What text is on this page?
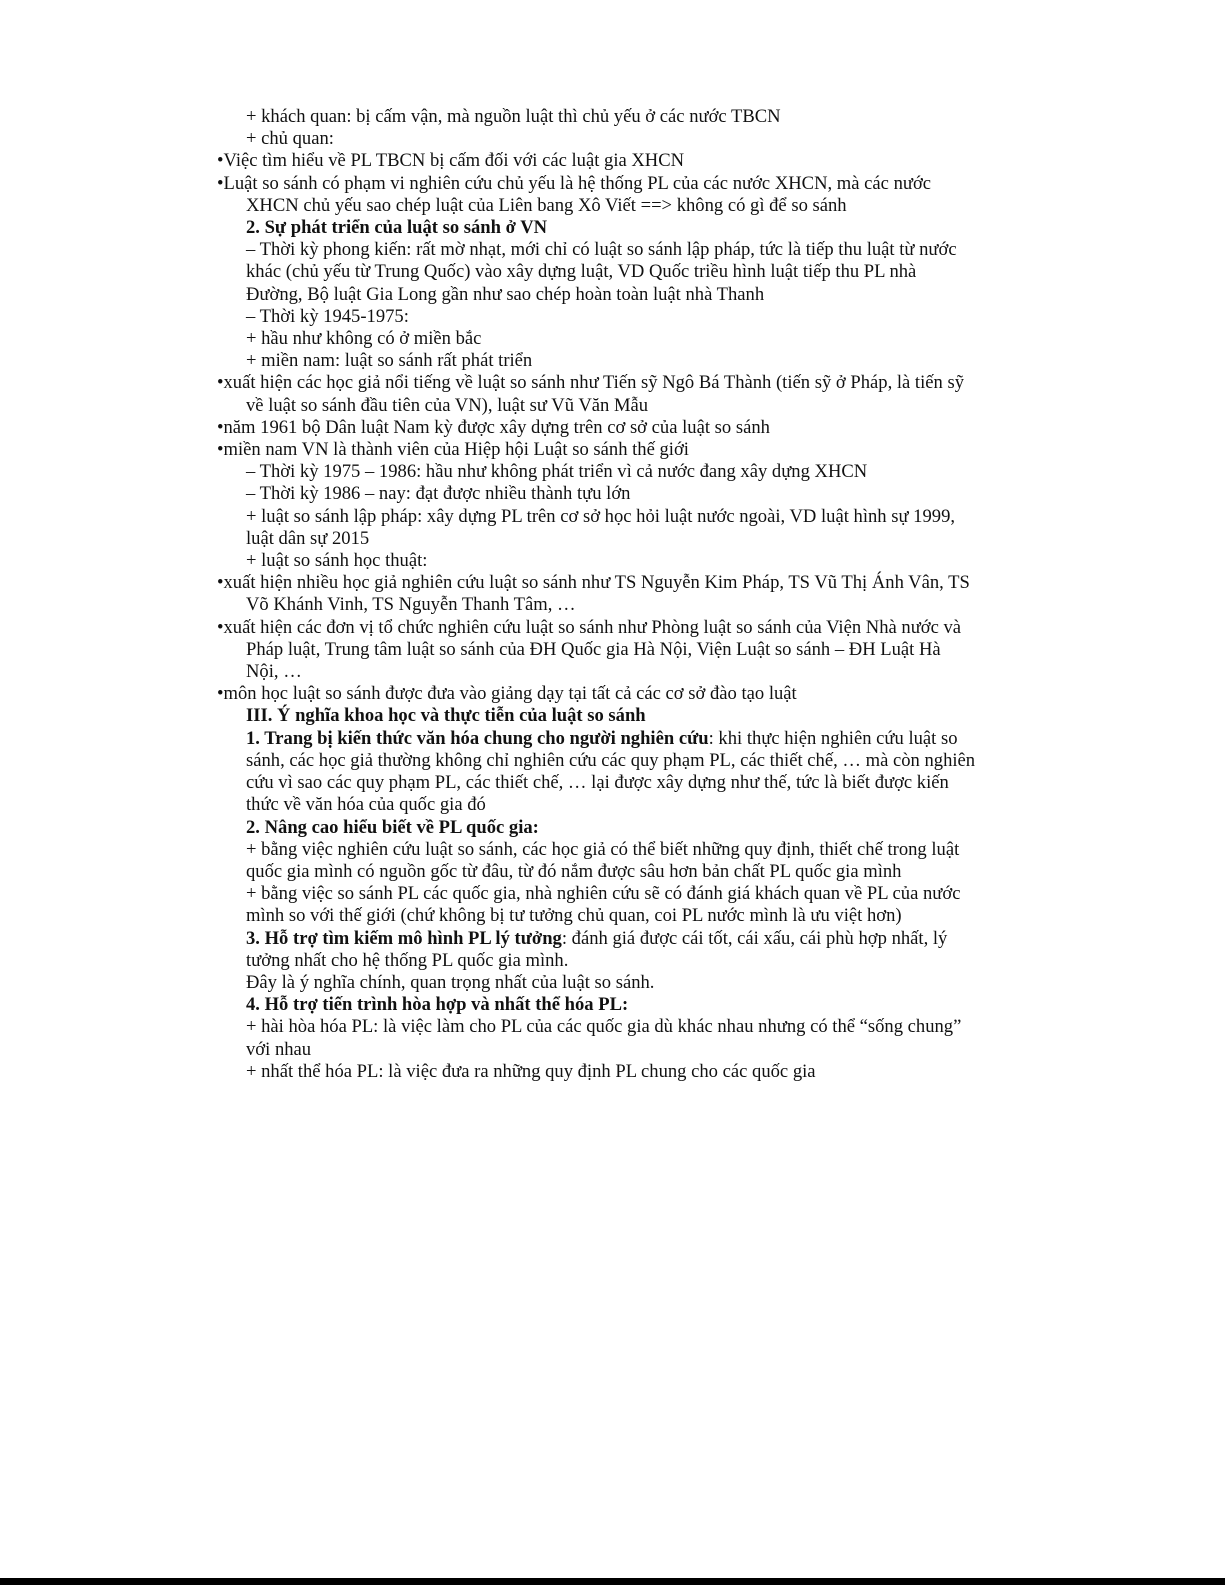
+ khách quan: bị cấm vận, mà nguồn luật thì chủ yếu ở các nước TBCN

+ chủ quan:

•Việc tìm hiểu về PL TBCN bị cấm đối với các luật gia XHCN

•Luật so sánh có phạm vi nghiên cứu chủ yếu là hệ thống PL của các nước XHCN, mà các nước XHCN chủ yếu sao chép luật của Liên bang Xô Viết ==> không có gì để so sánh

2. Sự phát triển của luật so sánh ở VN

– Thời kỳ phong kiến: rất mờ nhạt, mới chỉ có luật so sánh lập pháp, tức là tiếp thu luật từ nước khác (chủ yếu từ Trung Quốc) vào xây dựng luật, VD Quốc triều hình luật tiếp thu PL nhà Đường, Bộ luật Gia Long gần như sao chép hoàn toàn luật nhà Thanh

– Thời kỳ 1945-1975:

+ hầu như không có ở miền bắc

+ miền nam: luật so sánh rất phát triển

•xuất hiện các học giả nổi tiếng về luật so sánh như Tiến sỹ Ngô Bá Thành (tiến sỹ ở Pháp, là tiến sỹ về luật so sánh đầu tiên của VN), luật sư Vũ Văn Mẫu

•năm 1961 bộ Dân luật Nam kỳ được xây dựng trên cơ sở của luật so sánh

•miền nam VN là thành viên của Hiệp hội Luật so sánh thế giới

– Thời kỳ 1975 – 1986: hầu như không phát triển vì cả nước đang xây dựng XHCN

– Thời kỳ 1986 – nay: đạt được nhiều thành tựu lớn

+ luật so sánh lập pháp: xây dựng PL trên cơ sở học hỏi luật nước ngoài, VD luật hình sự 1999, luật dân sự 2015

+ luật so sánh học thuật:

•xuất hiện nhiều học giả nghiên cứu luật so sánh như TS Nguyễn Kim Pháp, TS Vũ Thị Ánh Vân, TS Võ Khánh Vinh, TS Nguyễn Thanh Tâm, …

•xuất hiện các đơn vị tổ chức nghiên cứu luật so sánh như Phòng luật so sánh của Viện Nhà nước và Pháp luật, Trung tâm luật so sánh của ĐH Quốc gia Hà Nội, Viện Luật so sánh – ĐH Luật Hà Nội, …

•môn học luật so sánh được đưa vào giảng dạy tại tất cả các cơ sở đào tạo luật

III. Ý nghĩa khoa học và thực tiễn của luật so sánh

1. Trang bị kiến thức văn hóa chung cho người nghiên cứu: khi thực hiện nghiên cứu luật so sánh, các học giả thường không chỉ nghiên cứu các quy phạm PL, các thiết chế, … mà còn nghiên cứu vì sao các quy phạm PL, các thiết chế, … lại được xây dựng như thế, tức là biết được kiến thức về văn hóa của quốc gia đó

2. Nâng cao hiểu biết về PL quốc gia:

+ bằng việc nghiên cứu luật so sánh, các học giả có thể biết những quy định, thiết chế trong luật quốc gia mình có nguồn gốc từ đâu, từ đó nắm được sâu hơn bản chất PL quốc gia mình

+ bằng việc so sánh PL các quốc gia, nhà nghiên cứu sẽ có đánh giá khách quan về PL của nước mình so với thế giới (chứ không bị tư tưởng chủ quan, coi PL nước mình là ưu việt hơn)

3. Hỗ trợ tìm kiếm mô hình PL lý tưởng: đánh giá được cái tốt, cái xấu, cái phù hợp nhất, lý tưởng nhất cho hệ thống PL quốc gia mình.

Đây là ý nghĩa chính, quan trọng nhất của luật so sánh.

4. Hỗ trợ tiến trình hòa hợp và nhất thể hóa PL:

+ hài hòa hóa PL: là việc làm cho PL của các quốc gia dù khác nhau nhưng có thể “sống chung” với nhau

+ nhất thể hóa PL: là việc đưa ra những quy định PL chung cho các quốc gia
